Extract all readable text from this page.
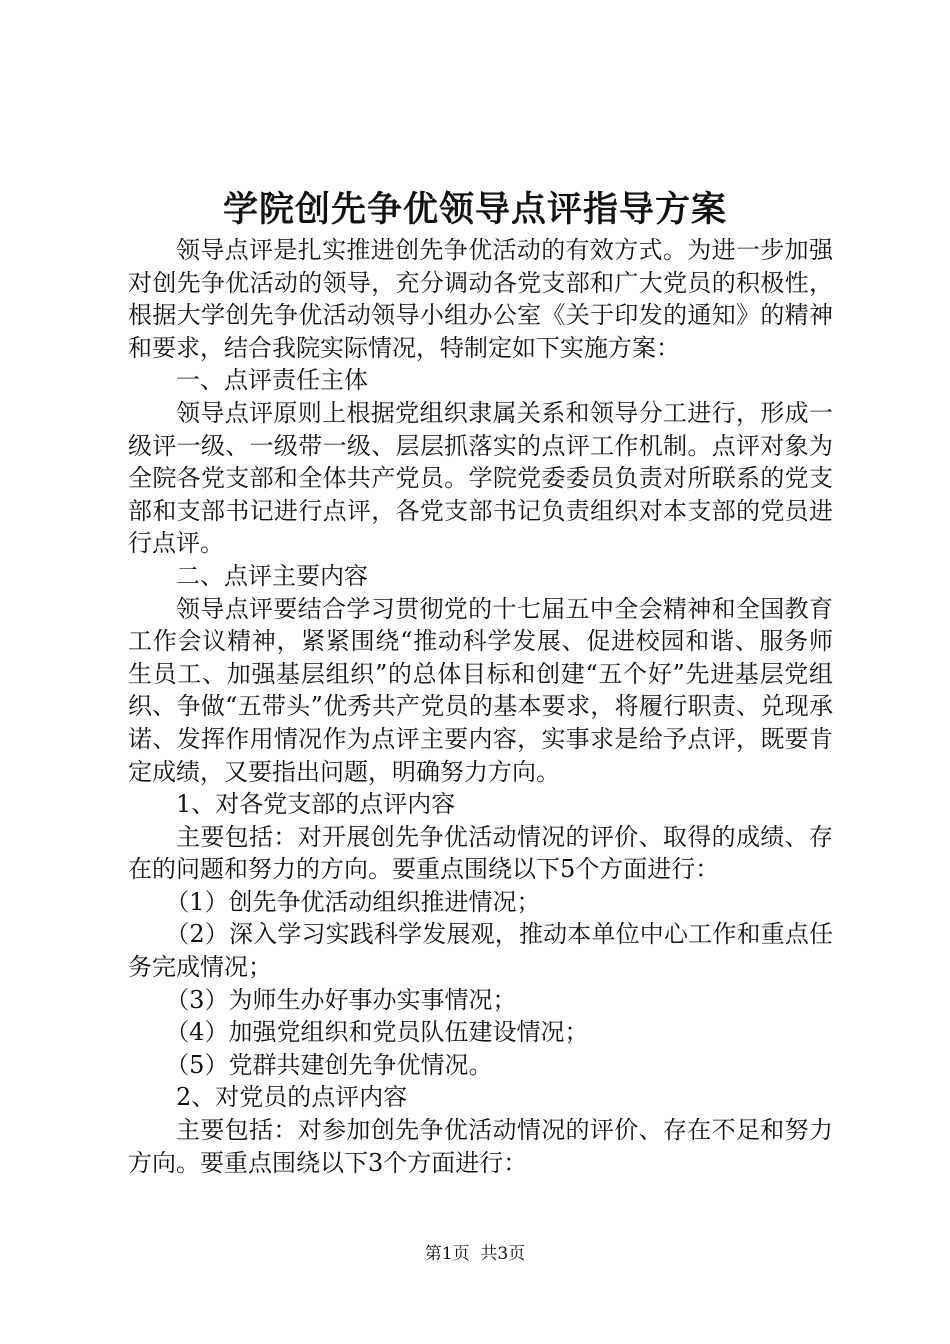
学院创先争优领导点评指导方案

领导点评是扎实推进创先争优活动的有效方式。为进一步加强对创先争优活动的领导，充分调动各党支部和广大党员的积极性，根据大学创先争优活动领导小组办公室《关于印发的通知》的精神和要求，结合我院实际情况，特制定如下实施方案：

一、点评责任主体

领导点评原则上根据党组织隶属关系和领导分工进行，形成一级评一级、一级带一级、层层抓落实的点评工作机制。点评对象为全院各党支部和全体共产党员。学院党委委员负责对所联系的党支部和支部书记进行点评，各党支部书记负责组织对本支部的党员进行点评。

二、点评主要内容

领导点评要结合学习贯彻党的十七届五中全会精神和全国教育工作会议精神，紧紧围绕“推动科学发展、促进校园和谐、服务师生员工、加强基层组织”的总体目标和创建“五个好”先进基层党组织、争做“五带头”优秀共产党员的基本要求，将履行职责、兑现承诺、发挥作用情况作为点评主要内容，实事求是给予点评，既要肯定成绩，又要指出问题，明确努力方向。

1、对各党支部的点评内容

主要包括：对开展创先争优活动情况的评价、取得的成绩、存在的问题和努力的方向。要重点围绕以下5个方面进行：

（1）创先争优活动组织推进情况；

（2）深入学习实践科学发展观，推动本单位中心工作和重点任务完成情况；

（3）为师生办好事办实事情况；

（4）加强党组织和党员队伍建设情况；

（5）党群共建创先争优情况。

2、对党员的点评内容

主要包括：对参加创先争优活动情况的评价、存在不足和努力方向。要重点围绕以下3个方面进行：

第1页  共3页
